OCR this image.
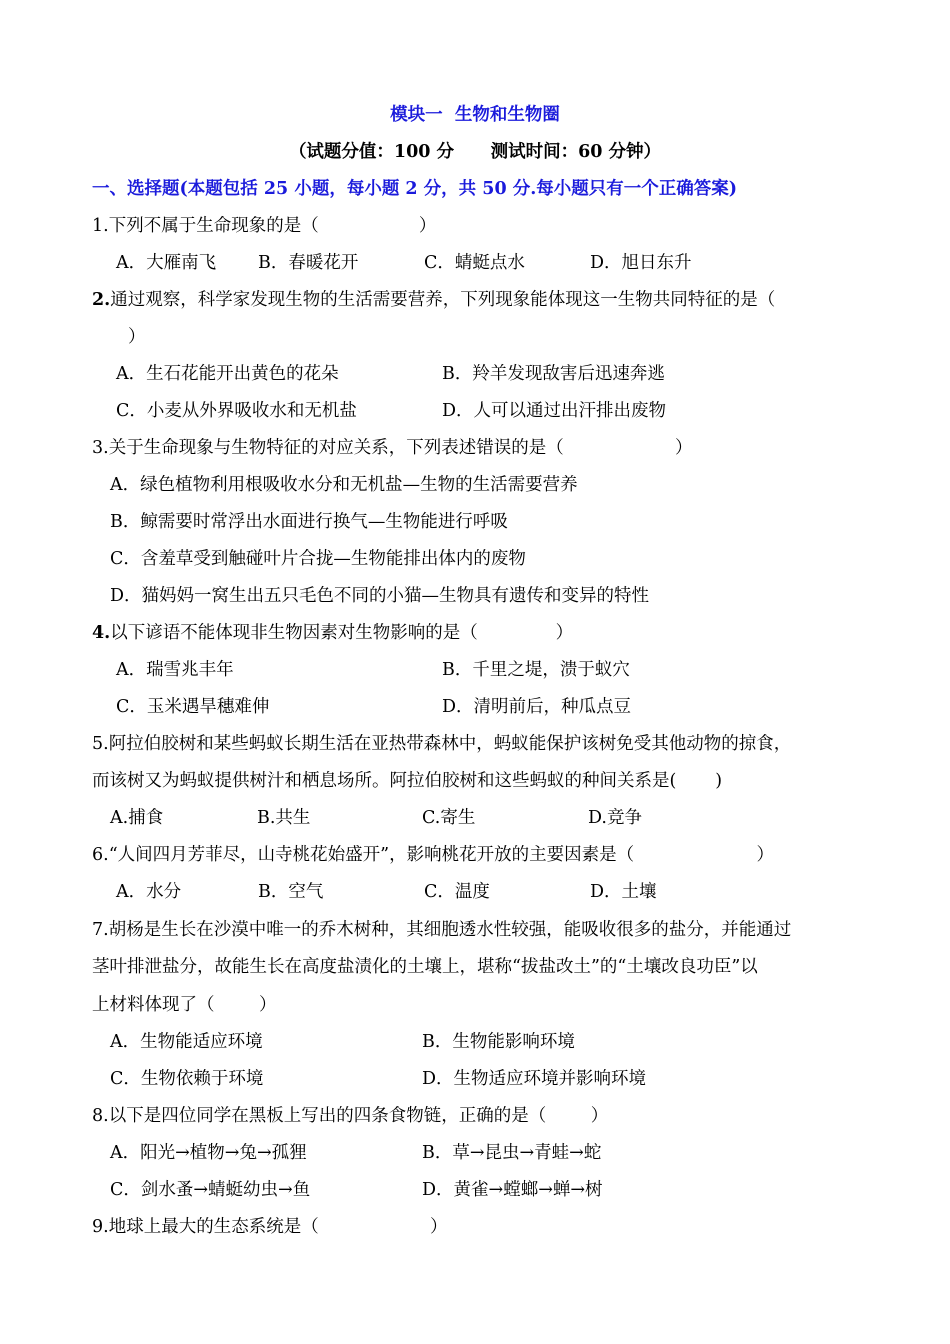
模块一  生物和生物圈
（试题分值：100 分      测试时间：60 分钟）
一、选择题(本题包括 25 小题，每小题 2 分，共 50 分.每小题只有一个正确答案)
1.下列不属于生命现象的是（                  ）
A．大雁南飞 B．春暖花开	C．蜻蜓点水	D．旭日东升
2.通过观察，科学家发现生物的生活需要营养，下列现象能体现这一生物共同特征的是（
）
A．生石花能开出黄色的花朵	B．羚羊发现敌害后迅速奔逃
C．小麦从外界吸收水和无机盐	D．人可以通过出汗排出废物
3.关于生命现象与生物特征的对应关系，下列表述错误的是（                    ）
A．绿色植物利用根吸收水分和无机盐—生物的生活需要营养
B．鲸需要时常浮出水面进行换气—生物能进行呼吸
C．含羞草受到触碰叶片合拢—生物能排出体内的废物
D．猫妈妈一窝生出五只毛色不同的小猫—生物具有遗传和变异的特性
4.以下谚语不能体现非生物因素对生物影响的是（              ）
A．瑞雪兆丰年	B．千里之堤，溃于蚁穴
C．玉米遇旱穗难伸	D．清明前后，种瓜点豆
5.阿拉伯胶树和某些蚂蚁长期生活在亚热带森林中，蚂蚁能保护该树免受其他动物的掠食，
而该树又为蚂蚁提供树汁和栖息场所。阿拉伯胶树和这些蚂蚁的种间关系是(       )
A.捕食	B.共生	C.寄生	D.竞争
6.“人间四月芳菲尽，山寺桃花始盛开”，影响桃花开放的主要因素是（                      ）
A．水分	B．空气	C．温度	D．土壤
7.胡杨是生长在沙漠中唯一的乔木树种，其细胞透水性较强，能吸收很多的盐分，并能通过
茎叶排泄盐分，故能生长在高度盐渍化的土壤上，堪称“拔盐改土”的“土壤改良功臣”以
上材料体现了（        ）
A．生物能适应环境	B．生物能影响环境
C．生物依赖于环境	D．生物适应环境并影响环境
8.以下是四位同学在黑板上写出的四条食物链，正确的是（        ）
A．阳光→植物→兔→孤狸	B．草→昆虫→青蛙→蛇
C．剑水蚤→蜻蜓幼虫→鱼	D．黄雀→螳螂→蝉→树
9.地球上最大的生态系统是（                    ）
